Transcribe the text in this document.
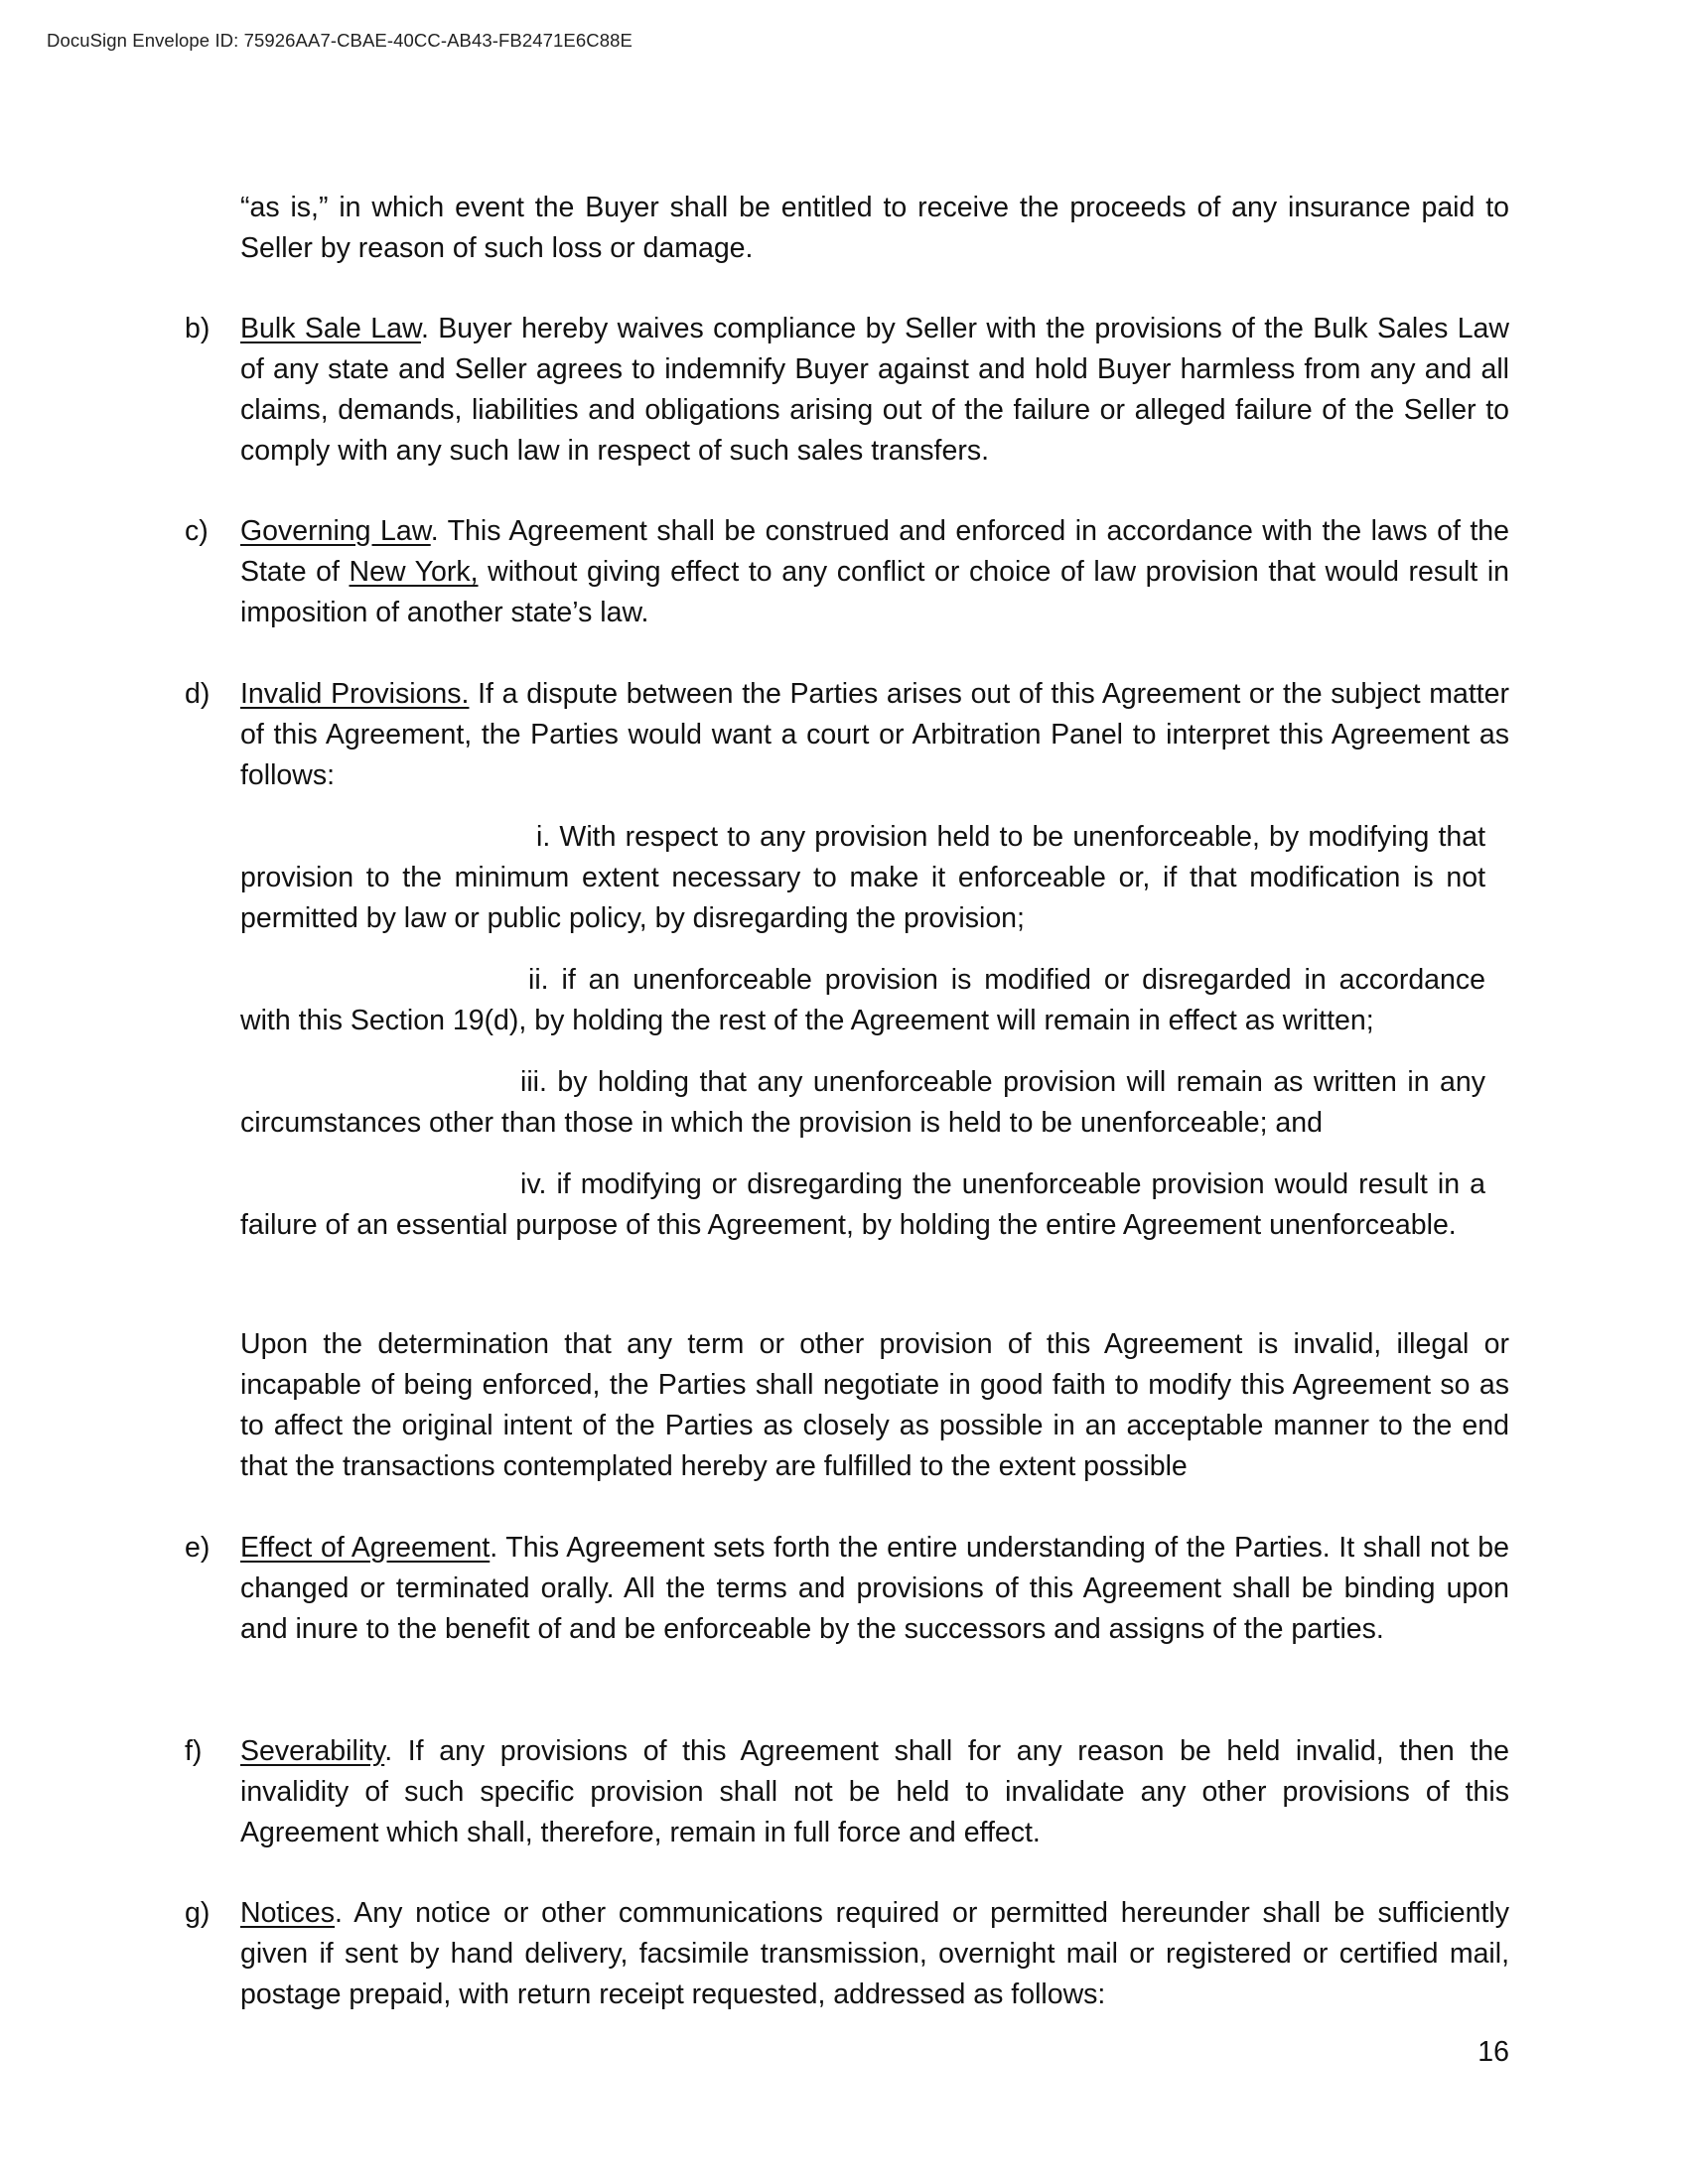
DocuSign Envelope ID: 75926AA7-CBAE-40CC-AB43-FB2471E6C88E

“as is,” in which event the Buyer shall be entitled to receive the proceeds of any insurance paid to Seller by reason of such loss or damage.

b)	Bulk Sale Law. Buyer hereby waives compliance by Seller with the provisions of the Bulk Sales Law of any state and Seller agrees to indemnify Buyer against and hold Buyer harmless from any and all claims, demands, liabilities and obligations arising out of the failure or alleged failure of the Seller to comply with any such law in respect of such sales transfers.

c)	Governing Law. This Agreement shall be construed and enforced in accordance with the laws of the State of New York, without giving effect to any conflict or choice of law provision that would result in imposition of another state’s law.

d)	Invalid Provisions. If a dispute between the Parties arises out of this Agreement or the subject matter of this Agreement, the Parties would want a court or Arbitration Panel to interpret this Agreement as follows:

i. With respect to any provision held to be unenforceable, by modifying that provision to the minimum extent necessary to make it enforceable or, if that modification is not permitted by law or public policy, by disregarding the provision;

ii. if an unenforceable provision is modified or disregarded in accordance with this Section 19(d), by holding the rest of the Agreement will remain in effect as written;

iii. by holding that any unenforceable provision will remain as written in any circumstances other than those in which the provision is held to be unenforceable; and

iv. if modifying or disregarding the unenforceable provision would result in a failure of an essential purpose of this Agreement, by holding the entire Agreement unenforceable.

Upon the determination that any term or other provision of this Agreement is invalid, illegal or incapable of being enforced, the Parties shall negotiate in good faith to modify this Agreement so as to affect the original intent of the Parties as closely as possible in an acceptable manner to the end that the transactions contemplated hereby are fulfilled to the extent possible

e)	Effect of Agreement. This Agreement sets forth the entire understanding of the Parties. It shall not be changed or terminated orally. All the terms and provisions of this Agreement shall be binding upon and inure to the benefit of and be enforceable by the successors and assigns of the parties.

f)	Severability. If any provisions of this Agreement shall for any reason be held invalid, then the invalidity of such specific provision shall not be held to invalidate any other provisions of this Agreement which shall, therefore, remain in full force and effect.

g)	Notices. Any notice or other communications required or permitted hereunder shall be sufficiently given if sent by hand delivery, facsimile transmission, overnight mail or registered or certified mail, postage prepaid, with return receipt requested, addressed as follows:

16
